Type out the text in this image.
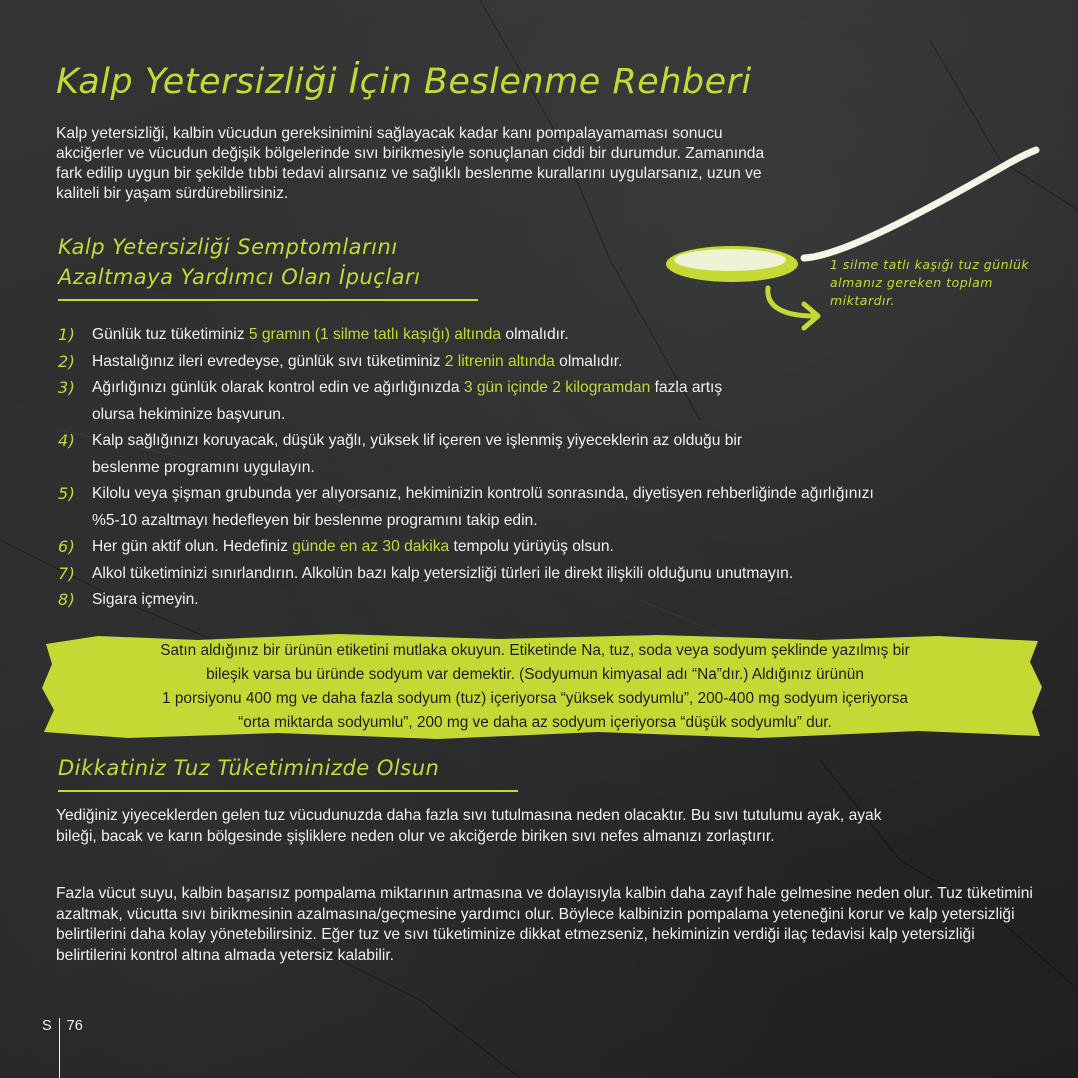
Kalp Yetersizliği İçin Beslenme Rehberi

Kalp yetersizliği, kalbin vücudun gereksinimini sağlayacak kadar kanı pompalayamaması sonucu akciğerler ve vücudun değişik bölgelerinde sıvı birikmesiyle sonuçlanan ciddi bir durumdur. Zamanında fark edilip uygun bir şekilde tıbbi tedavi alırsanız ve sağlıklı beslenme kurallarını uygularsanız, uzun ve kaliteli bir yaşam sürdürebilirsiniz.

Kalp Yetersizliği Semptomlarını
Azaltmaya Yardımcı Olan İpuçları

1 silme tatlı kaşığı tuz günlük almanız gereken toplam miktardır.

1) Günlük tuz tüketiminiz 5 gramın (1 silme tatlı kaşığı) altında olmalıdır.
2) Hastalığınız ileri evredeyse, günlük sıvı tüketiminiz 2 litrenin altında olmalıdır.
3) Ağırlığınızı günlük olarak kontrol edin ve ağırlığınızda 3 gün içinde 2 kilogramdan fazla artış olursa hekiminize başvurun.
4) Kalp sağlığınızı koruyacak, düşük yağlı, yüksek lif içeren ve işlenmiş yiyeceklerin az olduğu bir beslenme programını uygulayın.
5) Kilolu veya şişman grubunda yer alıyorsanız, hekiminizin kontrolü sonrasında, diyetisyen rehberliğinde ağırlığınızı %5-10 azaltmayı hedefleyen bir beslenme programını takip edin.
6) Her gün aktif olun. Hedefiniz günde en az 30 dakika tempolu yürüyüş olsun.
7) Alkol tüketiminizi sınırlandırın. Alkolün bazı kalp yetersizliği türleri ile direkt ilişkili olduğunu unutmayın.
8) Sigara içmeyin.

Satın aldığınız bir ürünün etiketini mutlaka okuyun. Etiketinde Na, tuz, soda veya sodyum şeklinde yazılmış bir
bileşik varsa bu üründe sodyum var demektir. (Sodyumun kimyasal adı “Na”dır.) Aldığınız ürünün
1 porsiyonu 400 mg ve daha fazla sodyum (tuz) içeriyorsa “yüksek sodyumlu”, 200-400 mg sodyum içeriyorsa
“orta miktarda sodyumlu”, 200 mg ve daha az sodyum içeriyorsa “düşük sodyumlu” dur.

Dikkatiniz Tuz Tüketiminizde Olsun

Yediğiniz yiyeceklerden gelen tuz vücudunuzda daha fazla sıvı tutulmasına neden olacaktır. Bu sıvı tutulumu ayak, ayak bileği, bacak ve karın bölgesinde şişliklere neden olur ve akciğerde biriken sıvı nefes almanızı zorlaştırır.

Fazla vücut suyu, kalbin başarısız pompalama miktarının artmasına ve dolayısıyla kalbin daha zayıf hale gelmesine neden olur. Tuz tüketimini azaltmak, vücutta sıvı birikmesinin azalmasına/geçmesine yardımcı olur. Böylece kalbinizin pompalama yeteneğini korur ve kalp yetersizliği belirtilerini daha kolay yönetebilirsiniz. Eğer tuz ve sıvı tüketiminize dikkat etmezseniz, hekiminizin verdiği ilaç tedavisi kalp yetersizliği belirtilerini kontrol altına almada yetersiz kalabilir.

S 76
